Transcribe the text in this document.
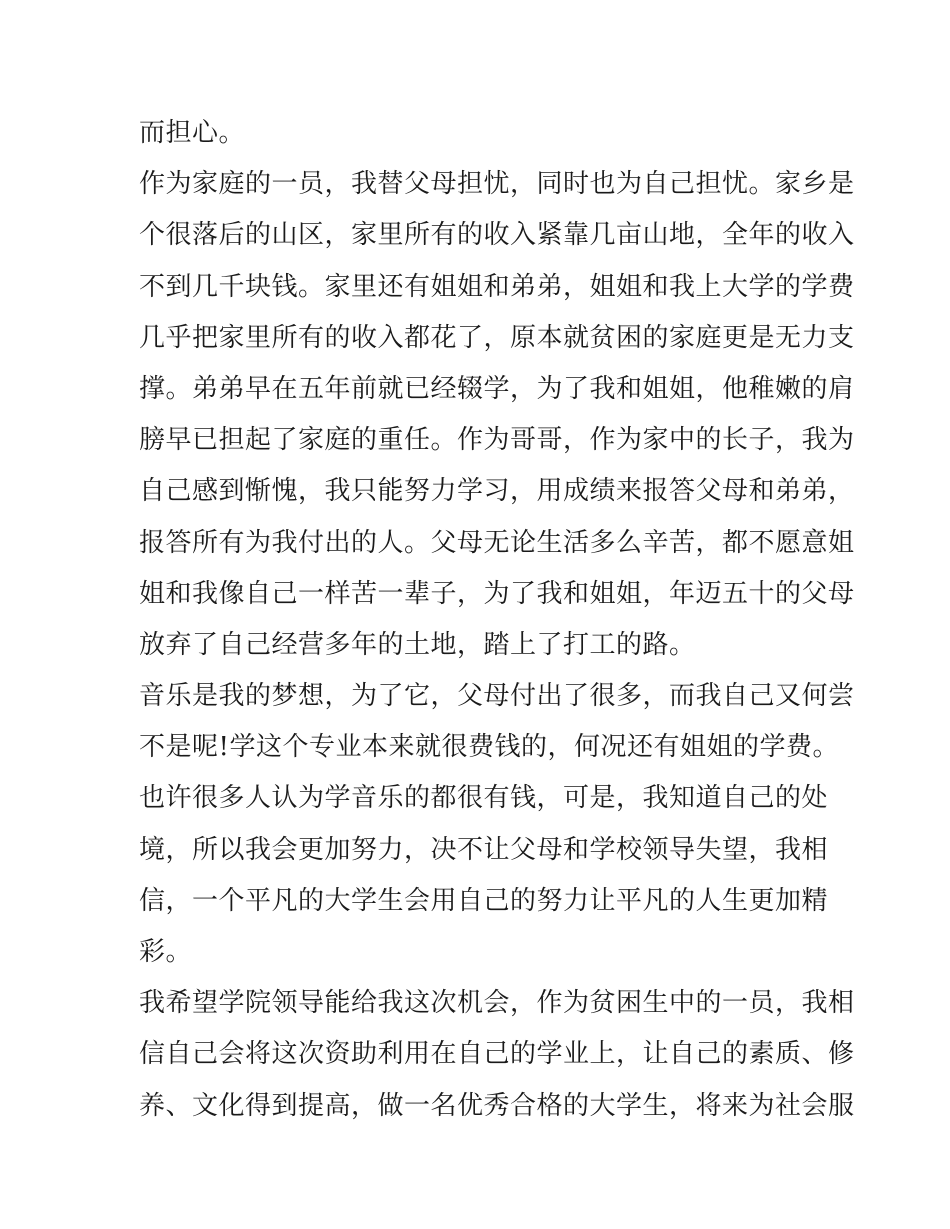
而担心。
作为家庭的一员，我替父母担忧，同时也为自己担忧。家乡是
个很落后的山区，家里所有的收入紧靠几亩山地，全年的收入
不到几千块钱。家里还有姐姐和弟弟，姐姐和我上大学的学费
几乎把家里所有的收入都花了，原本就贫困的家庭更是无力支
撑。弟弟早在五年前就已经辍学，为了我和姐姐，他稚嫩的肩
膀早已担起了家庭的重任。作为哥哥，作为家中的长子，我为
自己感到惭愧，我只能努力学习，用成绩来报答父母和弟弟，
报答所有为我付出的人。父母无论生活多么辛苦，都不愿意姐
姐和我像自己一样苦一辈子，为了我和姐姐，年迈五十的父母
放弃了自己经营多年的土地，踏上了打工的路。
音乐是我的梦想，为了它，父母付出了很多，而我自己又何尝
不是呢!学这个专业本来就很费钱的，何况还有姐姐的学费。
也许很多人认为学音乐的都很有钱，可是，我知道自己的处
境，所以我会更加努力，决不让父母和学校领导失望，我相
信，一个平凡的大学生会用自己的努力让平凡的人生更加精
彩。
我希望学院领导能给我这次机会，作为贫困生中的一员，我相
信自己会将这次资助利用在自己的学业上，让自己的素质、修
养、文化得到提高，做一名优秀合格的大学生，将来为社会服
